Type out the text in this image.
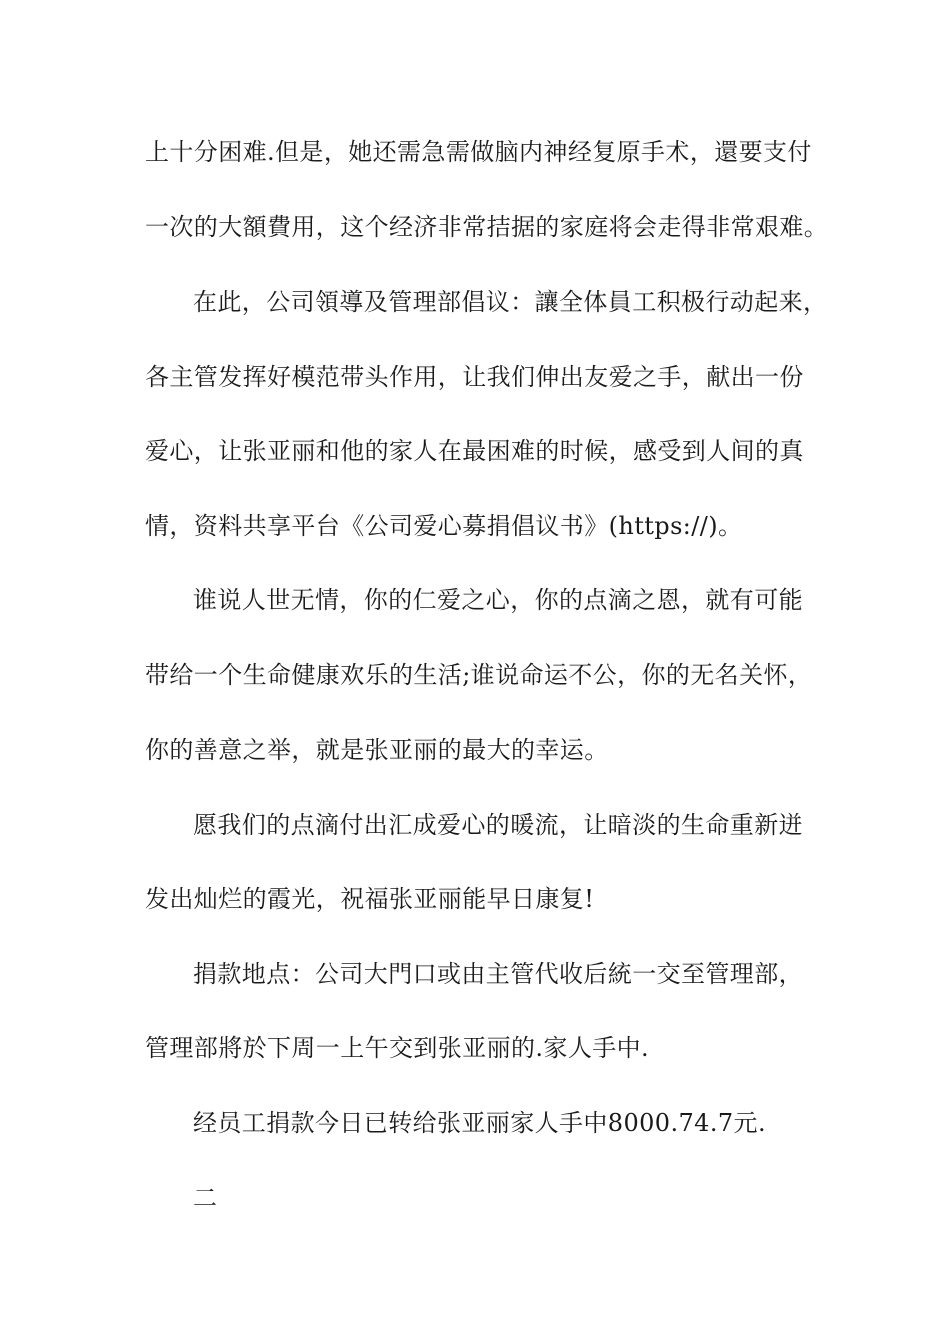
上十分困难.但是，她还需急需做脑内神经复原手术，還要支付

一次的大額費用，这个经济非常拮据的家庭将会走得非常艰难。

在此，公司領導及管理部倡议：讓全体員工积极行动起来，

各主管发挥好模范带头作用，让我们伸出友爱之手，献出一份

爱心，让张亚丽和他的家人在最困难的时候，感受到人间的真

情，资料共享平台《公司爱心募捐倡议书》(https://)。

谁说人世无情，你的仁爱之心，你的点滴之恩，就有可能

带给一个生命健康欢乐的生活;谁说命运不公，你的无名关怀，

你的善意之举，就是张亚丽的最大的幸运。

愿我们的点滴付出汇成爱心的暖流，让暗淡的生命重新迸

发出灿烂的霞光，祝福张亚丽能早日康复!

捐款地点：公司大門口或由主管代收后統一交至管理部，

管理部將於下周一上午交到张亚丽的.家人手中.

经员工捐款今日已转给张亚丽家人手中8000.74.7元.

二
